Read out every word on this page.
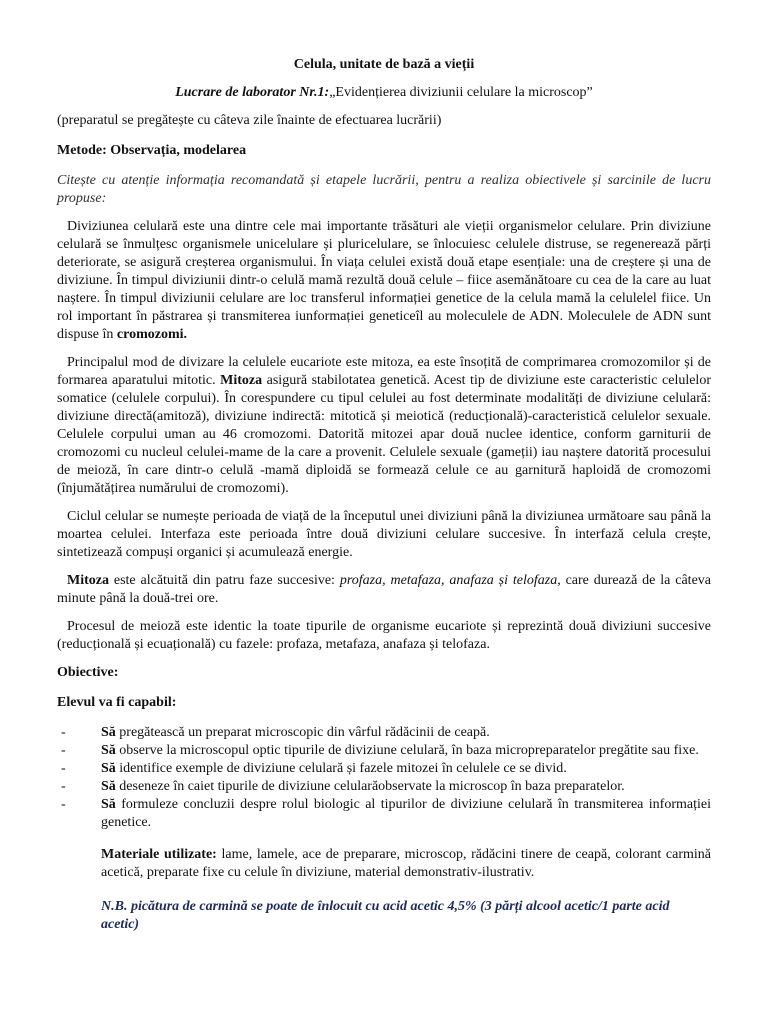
Celula, unitate de bază a vieții

Lucrare de laborator Nr.1:„Evidențierea diviziunii celulare la microscop”

(preparatul se pregătește cu câteva zile înainte de efectuarea lucrării)

Metode: Observația, modelarea

Citește cu atenție informația recomandată și etapele lucrării, pentru a realiza obiectivele și sarcinile de lucru propuse:

Diviziunea celulară este una dintre cele mai importante trăsături ale vieții organismelor celulare. Prin diviziune celulară se înmulțesc organismele unicelulare și pluricelulare, se înlocuiesc celulele distruse, se regenerează părți deteriorate, se asigură creșterea organismului. În viața celulei există două etape esențiale: una de creștere și una de diviziune. În timpul diviziunii dintr-o celulă mamă rezultă două celule – fiice asemănătoare cu cea de la care au luat naștere. În timpul diviziunii celulare are loc transferul informației genetice de la celula mamă la celulelel fiice. Un rol important în păstrarea și transmiterea iunformației geneticeîl au moleculele de ADN. Moleculele de ADN sunt dispuse în cromozomi.

Principalul mod de divizare la celulele eucariote este mitoza, ea este însoțită de comprimarea cromozomilor și de formarea aparatului mitotic. Mitoza asigură stabilotatea genetică. Acest tip de diviziune este caracteristic celulelor somatice (celulele corpului). În corespundere cu tipul celulei au fost determinate modalități de diviziune celulară: diviziune directă(amitoză), diviziune indirectă: mitotică și meiotică (reducțională)-caracteristică celulelor sexuale. Celulele corpului uman au 46 cromozomi. Datorită mitozei apar două nuclee identice, conform garniturii de cromozomi cu nucleul celulei-mame de la care a provenit. Celulele sexuale (gameții) iau naștere datorită procesului de meioză, în care dintr-o celulă -mamă diploidă se formează celule ce au garnitură haploidă de cromozomi (înjumătățirea numărului de cromozomi).

Ciclul celular se numește perioada de viață de la începutul unei diviziuni până la diviziunea următoare sau până la moartea celulei. Interfaza este perioada între două diviziuni celulare succesive. În interfază celula crește, sintetizează compuși organici și acumulează energie.

Mitoza este alcătuită din patru faze succesive: profaza, metafaza, anafaza și telofaza, care durează de la câteva minute până la două-trei ore.

Procesul de meioză este identic la toate tipurile de organisme eucariote și reprezintă două diviziuni succesive (reducțională și ecuațională) cu fazele: profaza, metafaza, anafaza și telofaza.

Obiective:

Elevul va fi capabil:

-	Să pregătească un preparat microscopic din vârful rădăcinii de ceapă.
-	Să observe la microscopul optic tipurile de diviziune celulară, în baza micropreparatelor pregătite sau fixe.
-	Să identifice exemple de diviziune celulară și fazele mitozei în celulele ce se divid.
-	Să deseneze în caiet tipurile de diviziune celularăobservate la microscop în baza preparatelor.
-	Să formuleze concluzii despre rolul biologic al tipurilor de diviziune celulară în transmiterea informației genetice.

Materiale utilizate: lame, lamele, ace de preparare, microscop, rădăcini tinere de ceapă, colorant carmină acetică, preparate fixe cu celule în diviziune, material demonstrativ-ilustrativ.

N.B. picătura de carmină se poate de înlocuit cu acid acetic 4,5% (3 părți alcool acetic/1 parte acid acetic)
